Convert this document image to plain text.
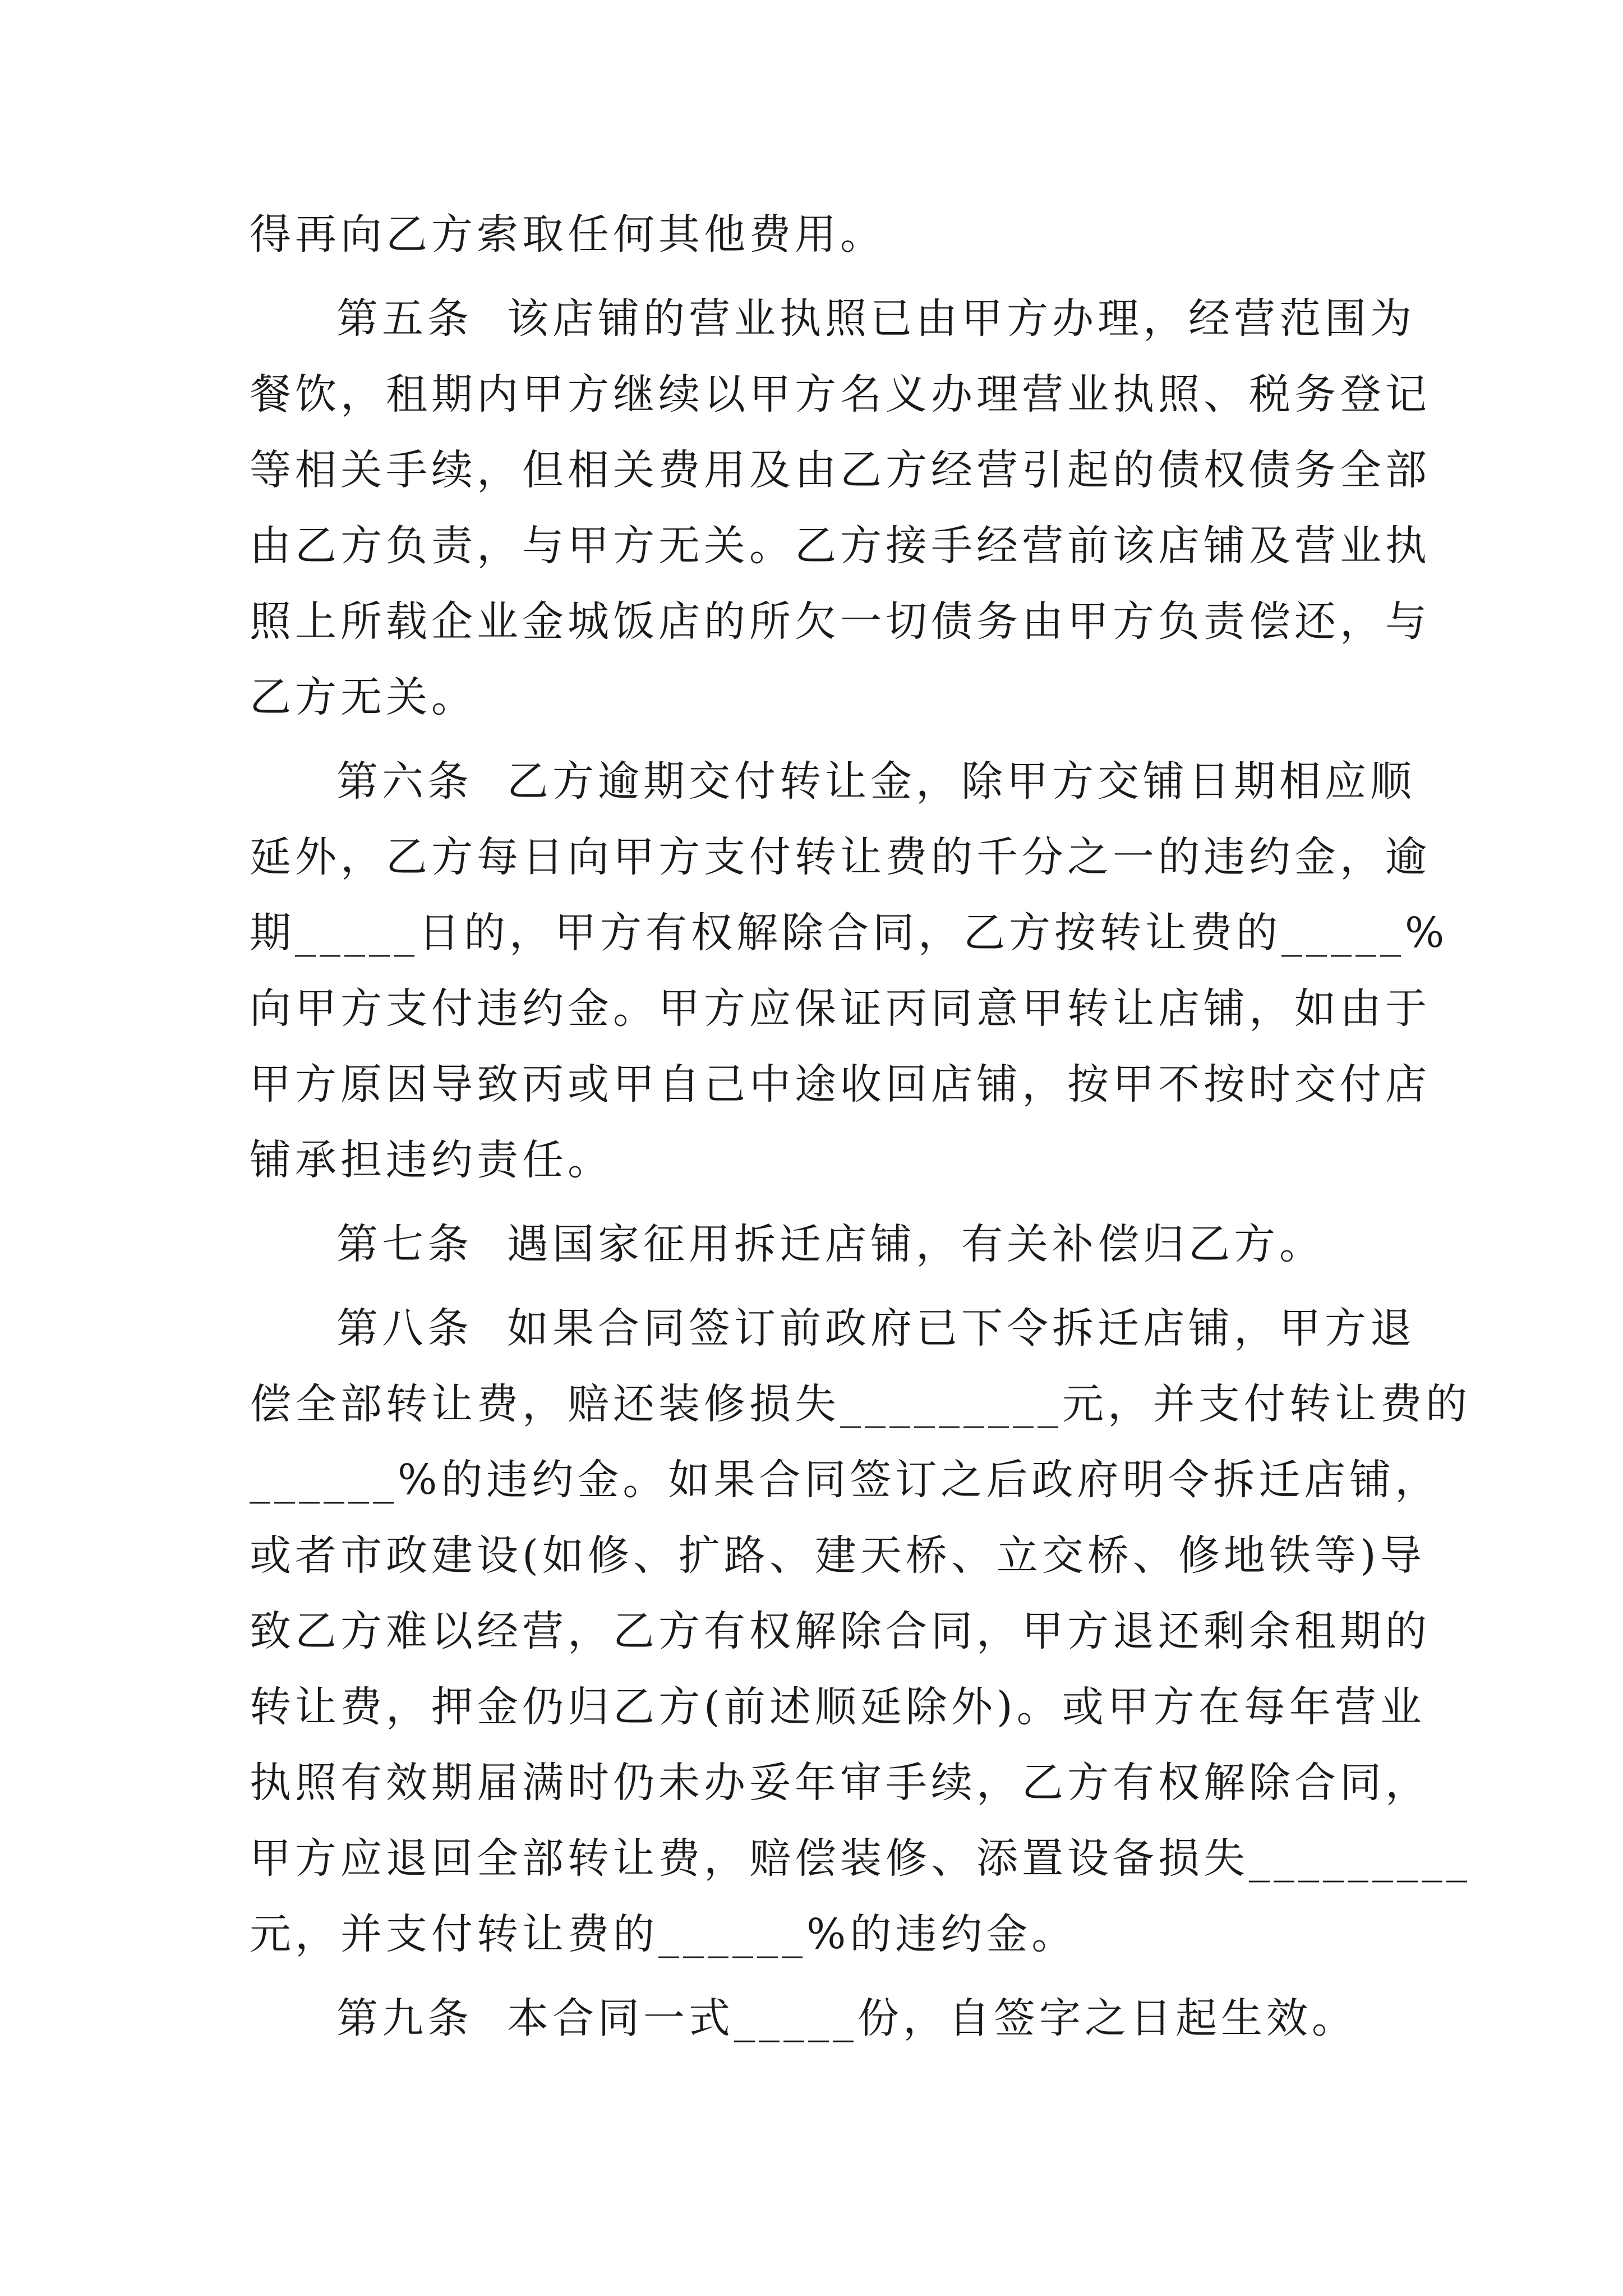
得再向乙方索取任何其他费用。

第五条  该店铺的营业执照已由甲方办理，经营范围为

餐饮，租期内甲方继续以甲方名义办理营业执照、税务登记

等相关手续，但相关费用及由乙方经营引起的债权债务全部

由乙方负责，与甲方无关。乙方接手经营前该店铺及营业执

照上所载企业金城饭店的所欠一切债务由甲方负责偿还，与

乙方无关。

第六条  乙方逾期交付转让金，除甲方交铺日期相应顺

延外，乙方每日向甲方支付转让费的千分之一的违约金，逾

期_____日的，甲方有权解除合同，乙方按转让费的_____%

向甲方支付违约金。甲方应保证丙同意甲转让店铺，如由于

甲方原因导致丙或甲自己中途收回店铺，按甲不按时交付店

铺承担违约责任。

第七条  遇国家征用拆迁店铺，有关补偿归乙方。

第八条  如果合同签订前政府已下令拆迁店铺，甲方退

偿全部转让费，赔还装修损失_________元，并支付转让费的

______%的违约金。如果合同签订之后政府明令拆迁店铺，

或者市政建设(如修、扩路、建天桥、立交桥、修地铁等)导

致乙方难以经营，乙方有权解除合同，甲方退还剩余租期的

转让费，押金仍归乙方(前述顺延除外)。或甲方在每年营业

执照有效期届满时仍未办妥年审手续，乙方有权解除合同，

甲方应退回全部转让费，赔偿装修、添置设备损失_________

元，并支付转让费的______%的违约金。

第九条  本合同一式_____份，自签字之日起生效。
